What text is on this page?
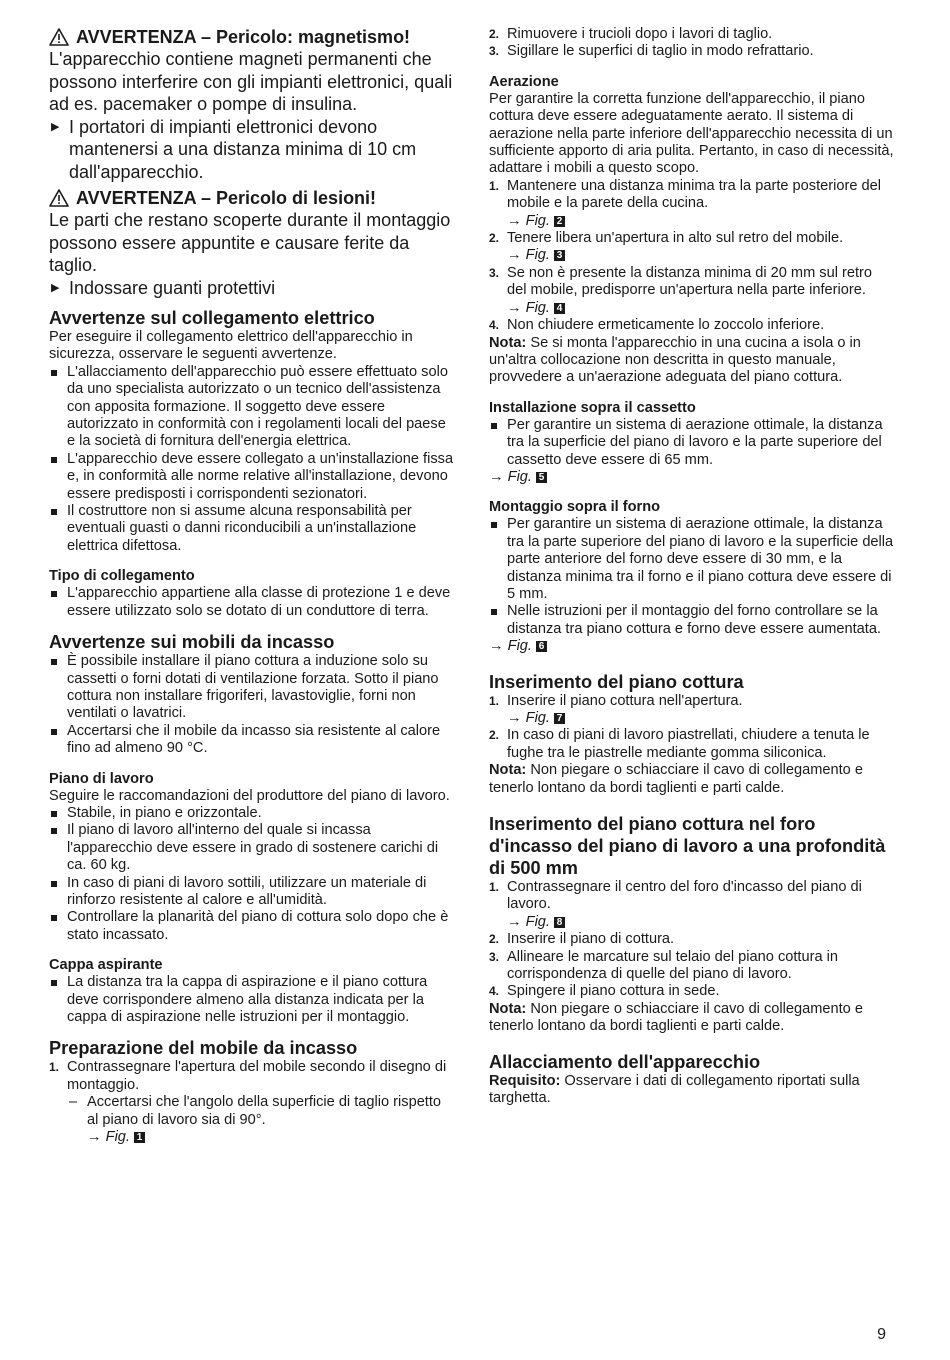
AVVERTENZA – Pericolo: magnetismo!

L'apparecchio contiene magneti permanenti che possono interferire con gli impianti elettronici, quali ad es. pacemaker o pompe di insulina.

▶ I portatori di impianti elettronici devono mantenersi a una distanza minima di 10 cm dall'apparecchio.

AVVERTENZA – Pericolo di lesioni!

Le parti che restano scoperte durante il montaggio possono essere appuntite e causare ferite da taglio.

▶ Indossare guanti protettivi

Avvertenze sul collegamento elettrico

Per eseguire il collegamento elettrico dell'apparecchio in sicurezza, osservare le seguenti avvertenze.

L'allacciamento dell'apparecchio può essere effettuato solo da uno specialista autorizzato o un tecnico dell'assistenza con apposita formazione. Il soggetto deve essere autorizzato in conformità con i regolamenti locali del paese e la società di fornitura dell'energia elettrica.
L'apparecchio deve essere collegato a un'installazione fissa e, in conformità alle norme relative all'installazione, devono essere predisposti i corrispondenti sezionatori.
Il costruttore non si assume alcuna responsabilità per eventuali guasti o danni riconducibili a un'installazione elettrica difettosa.
Tipo di collegamento
L'apparecchio appartiene alla classe di protezione 1 e deve essere utilizzato solo se dotato di un conduttore di terra.
Avvertenze sui mobili da incasso
È possibile installare il piano cottura a induzione solo su cassetti o forni dotati di ventilazione forzata. Sotto il piano cottura non installare frigoriferi, lavastoviglie, forni non ventilati o lavatrici.
Accertarsi che il mobile da incasso sia resistente al calore fino ad almeno 90 °C.
Piano di lavoro

Seguire le raccomandazioni del produttore del piano di lavoro.

Stabile, in piano e orizzontale.
Il piano di lavoro all'interno del quale si incassa l'apparecchio deve essere in grado di sostenere carichi di ca. 60 kg.
In caso di piani di lavoro sottili, utilizzare un materiale di rinforzo resistente al calore e all'umidità.
Controllare la planarità del piano di cottura solo dopo che è stato incassato.
Cappa aspirante
La distanza tra la cappa di aspirazione e il piano cottura deve corrispondere almeno alla distanza indicata per la cappa di aspirazione nelle istruzioni per il montaggio.
Preparazione del mobile da incasso
1. Contrassegnare l'apertura del mobile secondo il disegno di montaggio.
– Accertarsi che l'angolo della superficie di taglio rispetto al piano di lavoro sia di 90°.
→ Fig. 1
2. Rimuovere i trucioli dopo i lavori di taglio.
3. Sigillare le superfici di taglio in modo refrattario.
Aerazione

Per garantire la corretta funzione dell'apparecchio, il piano cottura deve essere adeguatamente aerato. Il sistema di aerazione nella parte inferiore dell'apparecchio necessita di un sufficiente apporto di aria pulita. Pertanto, in caso di necessità, adattare i mobili a questo scopo.

1. Mantenere una distanza minima tra la parte posteriore del mobile e la parete della cucina.
→ Fig. 2
2. Tenere libera un'apertura in alto sul retro del mobile.
→ Fig. 3
3. Se non è presente la distanza minima di 20 mm sul retro del mobile, predisporre un'apertura nella parte inferiore.
→ Fig. 4
4. Non chiudere ermeticamente lo zoccolo inferiore.

Nota: Se si monta l'apparecchio in una cucina a isola o in un'altra collocazione non descritta in questo manuale, provvedere a un'aerazione adeguata del piano cottura.

Installazione sopra il cassetto
Per garantire un sistema di aerazione ottimale, la distanza tra la superficie del piano di lavoro e la parte superiore del cassetto deve essere di 65 mm.
→ Fig. 5
Montaggio sopra il forno
Per garantire un sistema di aerazione ottimale, la distanza tra la parte superiore del piano di lavoro e la superficie della parte anteriore del forno deve essere di 30 mm, e la distanza minima tra il forno e il piano cottura deve essere di 5 mm.
Nelle istruzioni per il montaggio del forno controllare se la distanza tra piano cottura e forno deve essere aumentata.
→ Fig. 6
Inserimento del piano cottura
1. Inserire il piano cottura nell'apertura.
→ Fig. 7
2. In caso di piani di lavoro piastrellati, chiudere a tenuta le fughe tra le piastrelle mediante gomma siliconica.

Nota: Non piegare o schiacciare il cavo di collegamento e tenerlo lontano da bordi taglienti e parti calde.

Inserimento del piano cottura nel foro d'incasso del piano di lavoro a una profondità di 500 mm
1. Contrassegnare il centro del foro d'incasso del piano di lavoro.
→ Fig. 8
2. Inserire il piano di cottura.
3. Allineare le marcature sul telaio del piano cottura in corrispondenza di quelle del piano di lavoro.
4. Spingere il piano cottura in sede.

Nota: Non piegare o schiacciare il cavo di collegamento e tenerlo lontano da bordi taglienti e parti calde.

Allacciamento dell'apparecchio

Requisito: Osservare i dati di collegamento riportati sulla targhetta.

9
